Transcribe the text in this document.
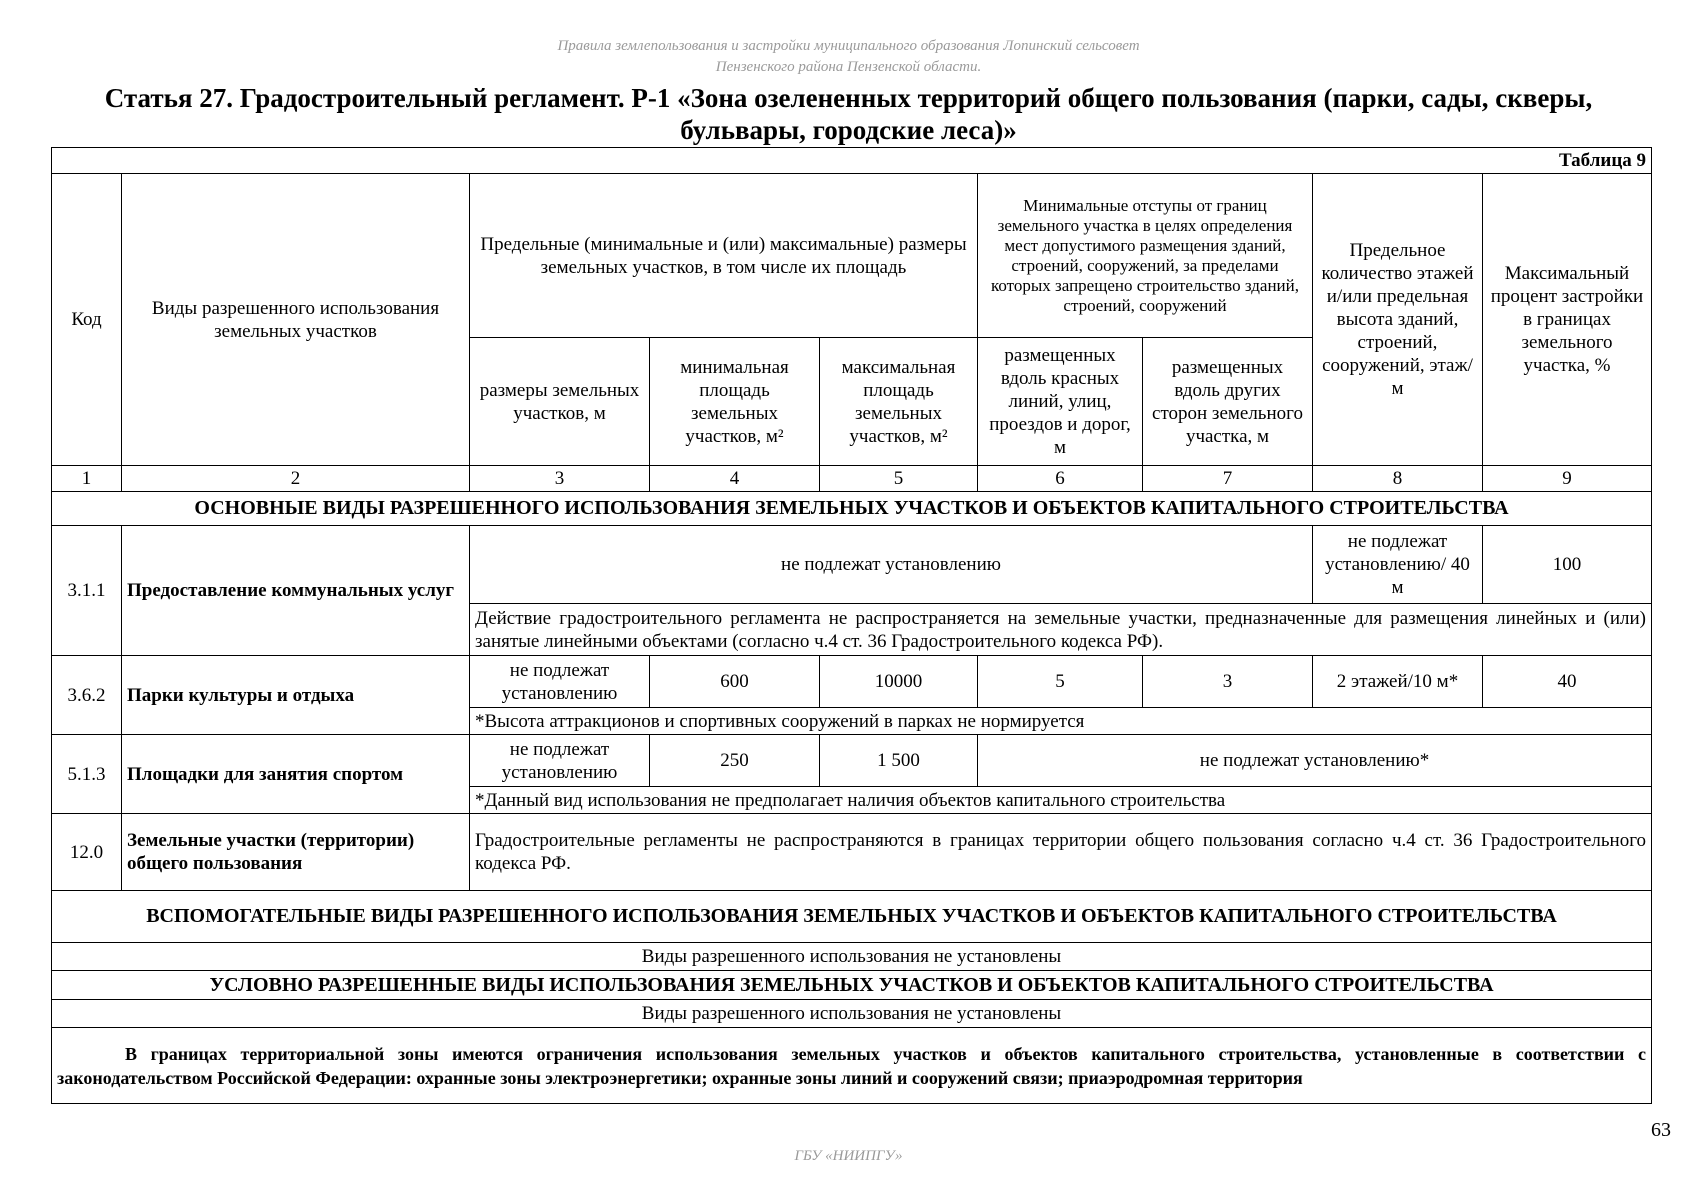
Правила землепользования и застройки муниципального образования Лопинский сельсовет
Пензенского района Пензенской области.
Статья 27. Градостроительный регламент. Р-1 «Зона озелененных территорий общего пользования (парки, сады, скверы, бульвары, городские леса)»
Таблица 9								
Код	Виды разрешенного использования земельных участков	Предельные (минимальные и (или) максимальные) размеры земельных участков, в том числе их площадь			Минимальные отступы от границ земельного участка в целях определения мест допустимого размещения зданий, строений, сооружений, за пределами которых запрещено строительство зданий, строений, сооружений		Предельное количество этажей и/или предельная высота зданий, строений, сооружений, этаж/м	Максимальный процент застройки в границах земельного участка, %
		размеры земельных участков, м	минимальная площадь земельных участков, м²	максимальная площадь земельных участков, м²	размещенных вдоль красных линий, улиц, проездов и дорог, м	размещенных вдоль других сторон земельного участка, м		
1	2	3	4	5	6	7	8	9
ОСНОВНЫЕ ВИДЫ РАЗРЕШЕННОГО ИСПОЛЬЗОВАНИЯ ЗЕМЕЛЬНЫХ УЧАСТКОВ И ОБЪЕКТОВ КАПИТАЛЬНОГО СТРОИТЕЛЬСТВА								
3.1.1	Предоставление коммунальных услуг	не подлежат установлению					не подлежат установлению/ 40 м	100
		Действие градостроительного регламента не распространяется на земельные участки, предназначенные для размещения линейных и (или) занятые линейными объектами (согласно ч.4 ст. 36 Градостроительного кодекса РФ).						
3.6.2	Парки культуры и отдыха	не подлежат установлению	600	10000	5	3	2 этажей/10 м*	40
		*Высота аттракционов и спортивных сооружений в парках не нормируется						
5.1.3	Площадки для занятия спортом	не подлежат установлению	250	1 500	не подлежат установлению*			
		*Данный вид использования не предполагает наличия объектов капитального строительства						
12.0	Земельные участки (территории) общего пользования	Градостроительные регламенты не распространяются в границах территории общего пользования согласно ч.4 ст. 36 Градостроительного кодекса РФ.						
ВСПОМОГАТЕЛЬНЫЕ ВИДЫ РАЗРЕШЕННОГО ИСПОЛЬЗОВАНИЯ ЗЕМЕЛЬНЫХ УЧАСТКОВ И ОБЪЕКТОВ КАПИТАЛЬНОГО СТРОИТЕЛЬСТВА								
Виды разрешенного использования не установлены								
УСЛОВНО РАЗРЕШЕННЫЕ ВИДЫ ИСПОЛЬЗОВАНИЯ ЗЕМЕЛЬНЫХ УЧАСТКОВ И ОБЪЕКТОВ КАПИТАЛЬНОГО СТРОИТЕЛЬСТВА								
Виды разрешенного использования не установлены								
В границах территориальной зоны имеются ограничения использования земельных участков и объектов капитального строительства, установленные в соответствии с законодательством Российской Федерации: охранные зоны электроэнергетики; охранные зоны линий и сооружений связи; приаэродромная территория								
63
ГБУ «НИИПГУ»
